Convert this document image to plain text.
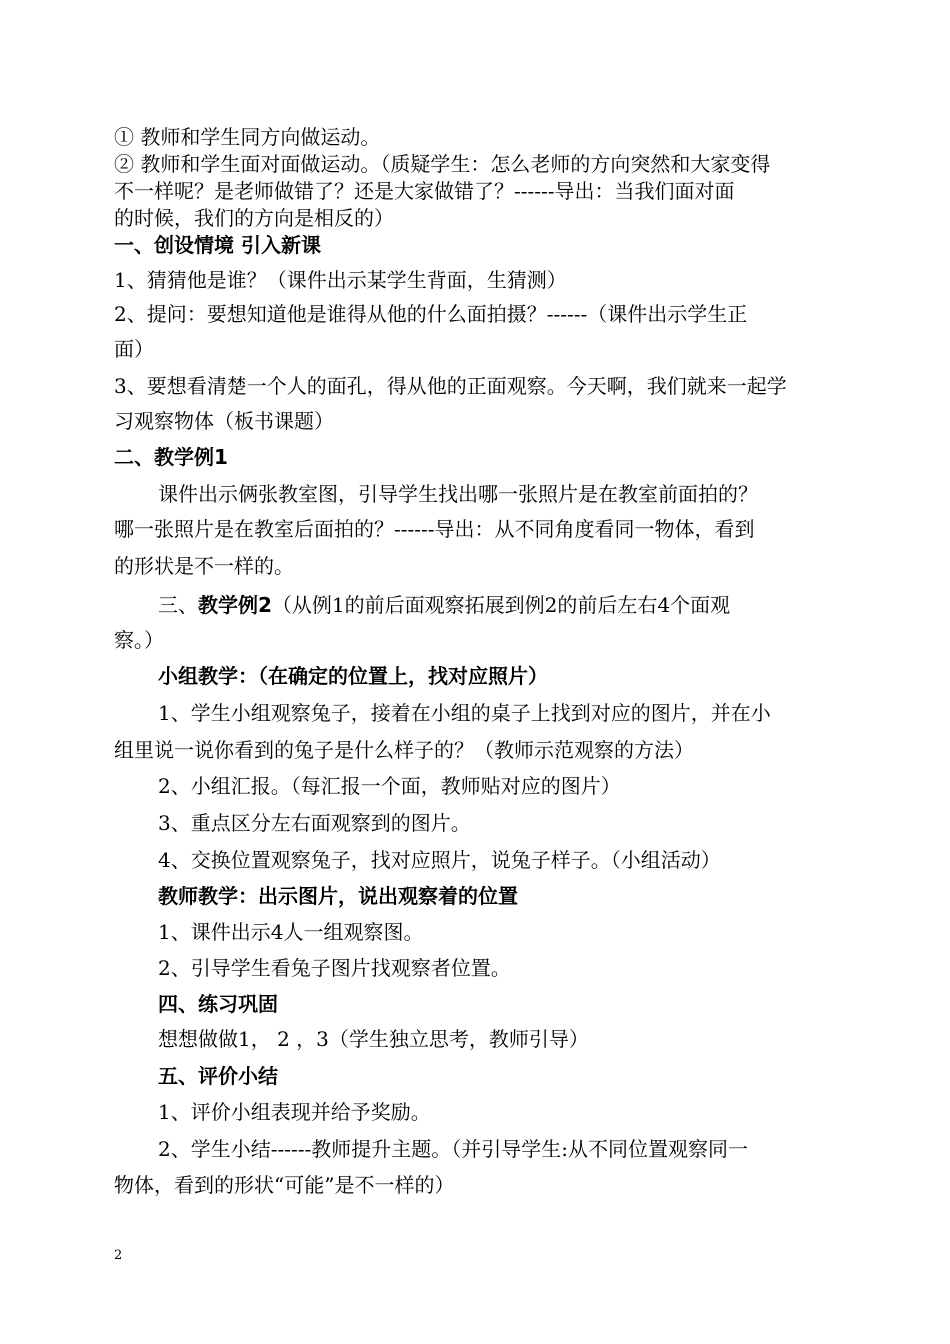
① 教师和学生同方向做运动。
② 教师和学生面对面做运动。（质疑学生：怎么老师的方向突然和大家变得
不一样呢？是老师做错了？还是大家做错了？------导出：当我们面对面
的时候，我们的方向是相反的）
一、创设情境 引入新课
1、猜猜他是谁？（课件出示某学生背面，生猜测）
2、提问：要想知道他是谁得从他的什么面拍摄？------（课件出示学生正
面）
3、要想看清楚一个人的面孔，得从他的正面观察。今天啊，我们就来一起学
习观察物体（板书课题）
二、教学例1
课件出示俩张教室图，引导学生找出哪一张照片是在教室前面拍的？
哪一张照片是在教室后面拍的？------导出：从不同角度看同一物体，看到
的形状是不一样的。
三、教学例2（从例1的前后面观察拓展到例2的前后左右4个面观
察。）
小组教学：（在确定的位置上，找对应照片）
1、学生小组观察兔子，接着在小组的桌子上找到对应的图片，并在小
组里说一说你看到的兔子是什么样子的？（教师示范观察的方法）
2、小组汇报。（每汇报一个面，教师贴对应的图片）
3、重点区分左右面观察到的图片。
4、交换位置观察兔子，找对应照片，说兔子样子。（小组活动）
教师教学：出示图片，说出观察着的位置
1、课件出示4人一组观察图。
2、引导学生看兔子图片找观察者位置。
四、练习巩固
想想做做1， 2 ，3（学生独立思考，教师引导）
五、评价小结
1、评价小组表现并给予奖励。
2、学生小结------教师提升主题。（并引导学生:从不同位置观察同一
物体，看到的形状“可能”是不一样的）
2
